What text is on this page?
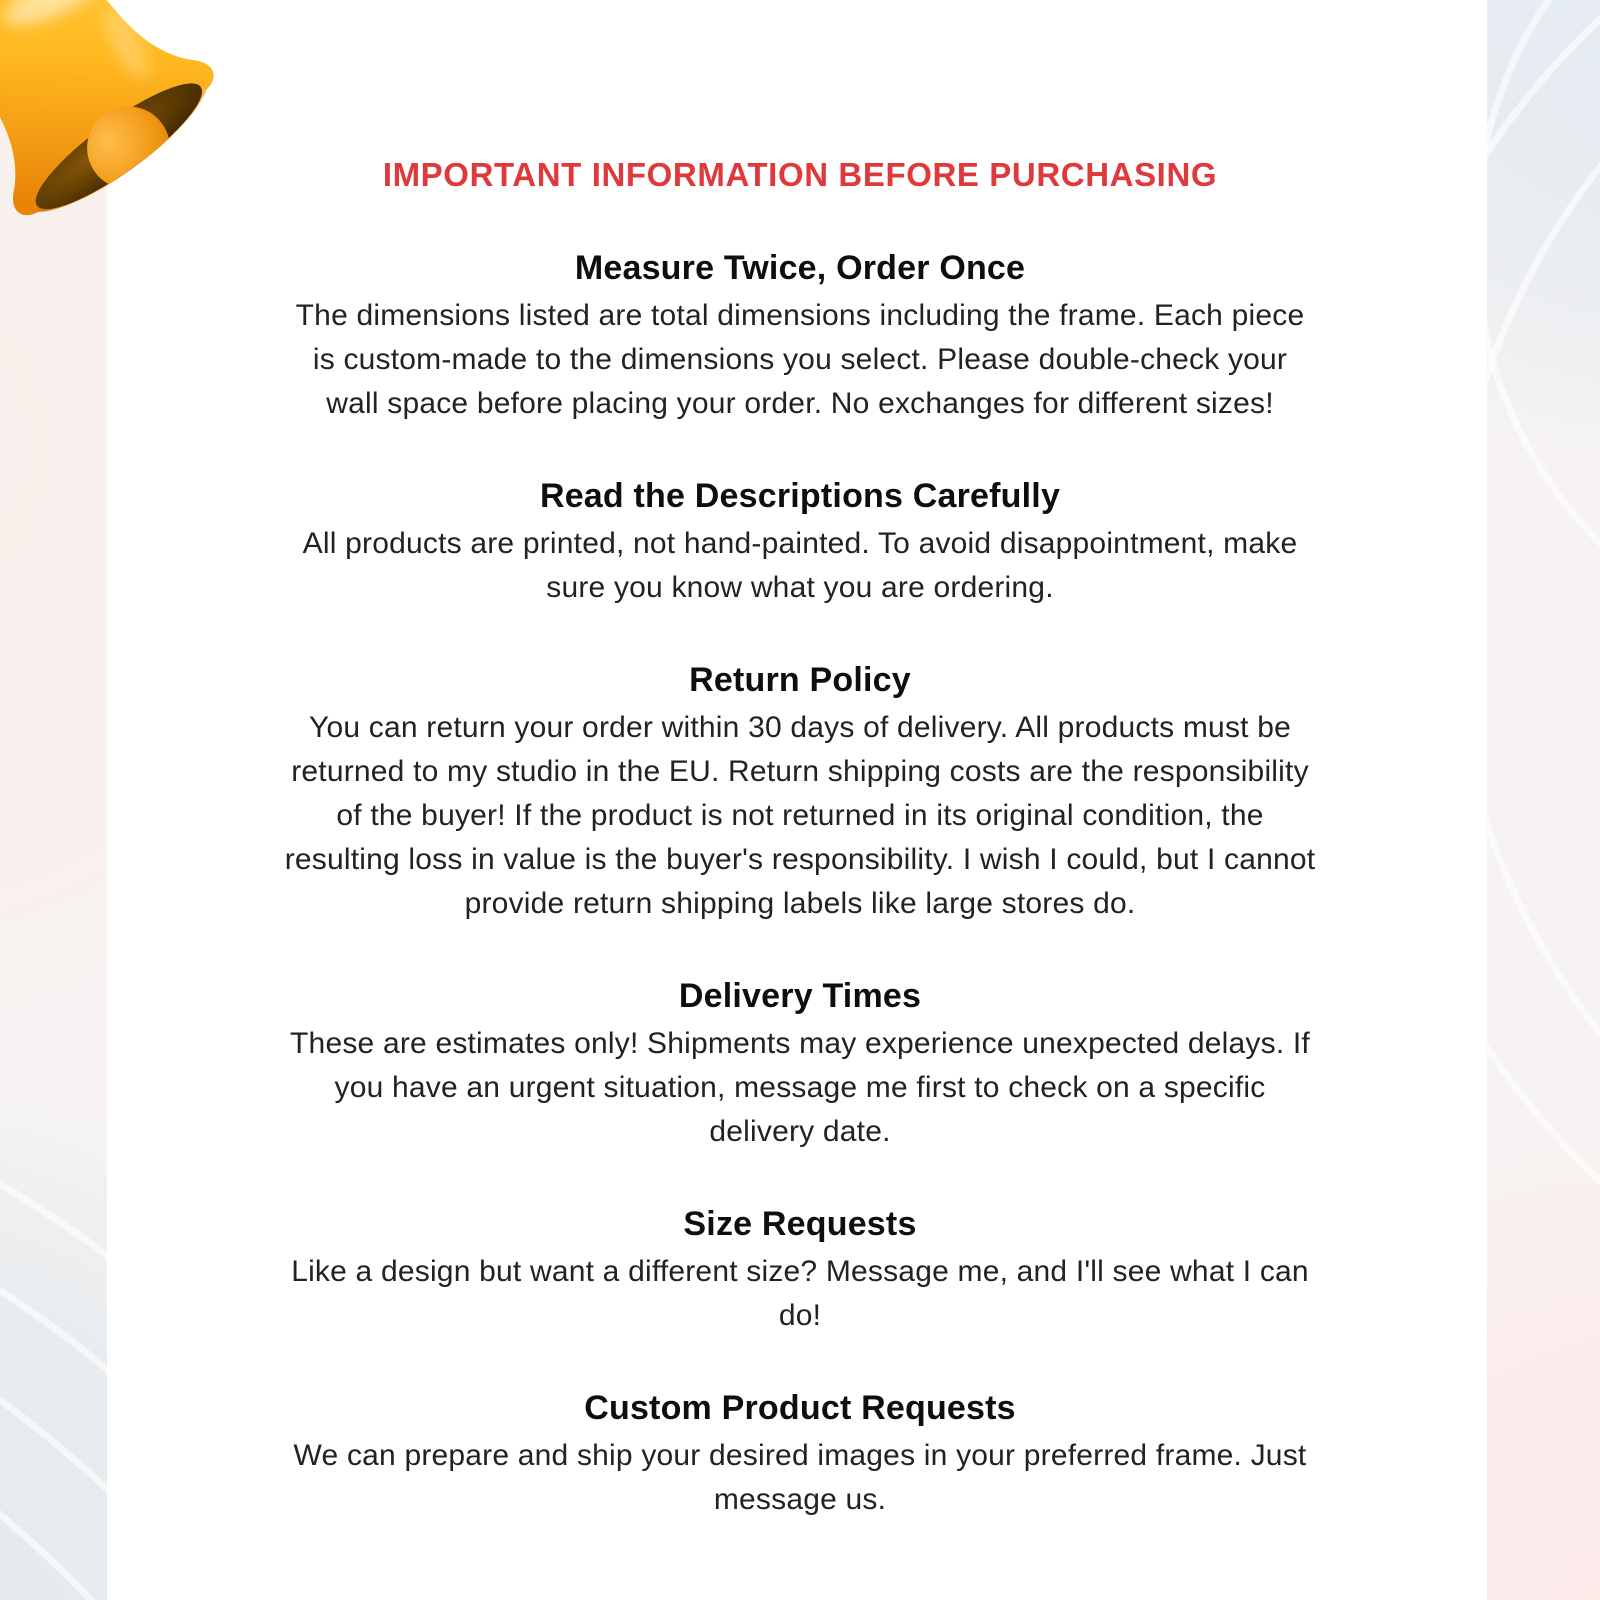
IMPORTANT INFORMATION BEFORE PURCHASING
Measure Twice, Order Once
The dimensions listed are total dimensions including the frame. Each piece
is custom-made to the dimensions you select. Please double-check your
wall space before placing your order. No exchanges for different sizes!
Read the Descriptions Carefully
All products are printed, not hand-painted. To avoid disappointment, make
sure you know what you are ordering.
Return Policy
You can return your order within 30 days of delivery. All products must be
returned to my studio in the EU. Return shipping costs are the responsibility
of the buyer! If the product is not returned in its original condition, the
resulting loss in value is the buyer's responsibility. I wish I could, but I cannot
provide return shipping labels like large stores do.
Delivery Times
These are estimates only! Shipments may experience unexpected delays. If
you have an urgent situation, message me first to check on a specific
delivery date.
Size Requests
Like a design but want a different size? Message me, and I'll see what I can
do!
Custom Product Requests
We can prepare and ship your desired images in your preferred frame. Just
message us.
